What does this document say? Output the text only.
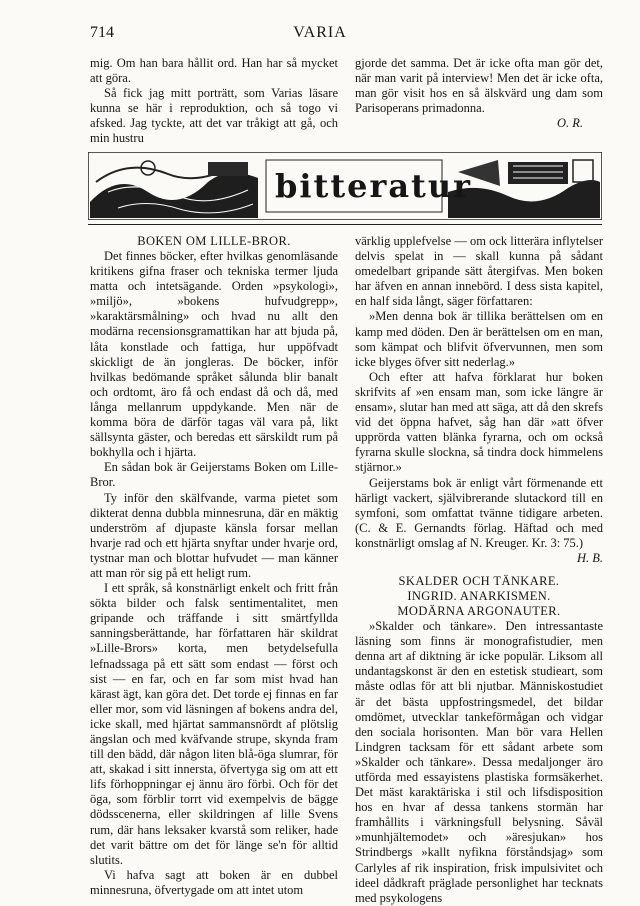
714	VARIA

mig. Om han bara hållit ord. Han har så mycket att göra.

Så fick jag mitt porträtt, som Varias läsare kunna se här i reproduktion, och så togo vi afsked. Jag tyckte, att det var tråkigt att gå, och min hustru

gjorde det samma. Det är icke ofta man gör det, när man varit på interview! Men det är icke ofta, man gör visit hos en så älskvärd ung dam som Parisoperans primadonna.

O. R.

bitteratur
BOKEN OM LILLE-BROR.

Det finnes böcker, efter hvilkas genomläsande kritikens gifna fraser och tekniska termer ljuda matta och intetsägande. Orden »psykologi», »miljö», »bokens hufvudgrepp», »karaktärsmålning» och hvad nu allt den modärna recensionsgramattikan har att bjuda på, låta konstlade och fattiga, hur uppöfvadt skickligt de än jongleras. De böcker, inför hvilkas bedömande språket sålunda blir banalt och ordtomt, äro få och endast då och då, med långa mellanrum uppdykande. Men när de komma böra de därför tagas väl vara på, likt sällsynta gäster, och beredas ett särskildt rum på bokhylla och i hjärta.

En sådan bok är Geijerstams Boken om Lille-Bror.

Ty inför den skälfvande, varma pietet som dikterat denna dubbla minnesruna, där en mäktig underström af djupaste känsla forsar mellan hvarje rad och ett hjärta snyftar under hvarje ord, tystnar man och blottar hufvudet — man känner att man rör sig på ett heligt rum.

I ett språk, så konstnärligt enkelt och fritt från sökta bilder och falsk sentimentalitet, men gripande och träffande i sitt smärtfyllda sanningsberättande, har författaren här skildrat »Lille-Brors» korta, men betydelsefulla lefnadssaga på ett sätt som endast — först och sist — en far, och en far som mist hvad han kärast ägt, kan göra det. Det torde ej finnas en far eller mor, som vid läsningen af bokens andra del, icke skall, med hjärtat sammansnördt af plötslig ängslan och med kväfvande strupe, skynda fram till den bädd, där någon liten blå-öga slumrar, för att, skakad i sitt innersta, öfvertyga sig om att ett lifs förhoppningar ej ännu äro förbi. Och för det öga, som förblir torrt vid exempelvis de bägge dödsscenerna, eller skildringen af lille Svens rum, där hans leksaker kvarstå som reliker, hade det varit bättre om det för länge se'n för alltid slutits.

Vi hafva sagt att boken är en dubbel minnesruna, öfvertygade om att intet utom

värklig upplefvelse — om ock litterära inflytelser delvis spelat in — skall kunna på sådant omedelbart gripande sätt återgifvas. Men boken har äfven en annan innebörd. I dess sista kapitel, en half sida långt, säger författaren:

»Men denna bok är tillika berättelsen om en kamp med döden. Den är berättelsen om en man, som kämpat och blifvit öfvervunnen, men som icke blyges öfver sitt nederlag.»

Och efter att hafva förklarat hur boken skrifvits af »en ensam man, som icke längre är ensam», slutar han med att säga, att då den skrefs vid det öppna hafvet, såg han där »att öfver upprörda vatten blänka fyrarna, och om också fyrarna skulle slockna, så tindra dock himmelens stjärnor.»

Geijerstams bok är enligt vårt förmenande ett härligt vackert, självibrerande slutackord till en symfoni, som omfattat tvänne tidigare arbeten. (C. & E. Gernandts förlag. Häftad och med konstnärligt omslag af N. Kreuger. Kr. 3: 75.)

H. B.

SKALDER OCH TÄNKARE.
INGRID. ANARKISMEN.
MODÄRNA ARGONAUTER.

»Skalder och tänkare». Den intressantaste läsning som finns är monografistudier, men denna art af diktning är icke populär. Liksom all undantagskonst är den en estetisk studieart, som måste odlas för att bli njutbar. Människostudiet är det bästa uppfostringsmedel, det bildar omdömet, utvecklar tankeförmågan och vidgar den sociala horisonten. Man bör vara Hellen Lindgren tacksam för ett sådant arbete som »Skalder och tänkare». Dessa medaljonger äro utförda med essayistens plastiska formsäkerhet. Det mäst karaktäriska i stil och lifsdisposition hos en hvar af dessa tankens stormän har framhållits i värkningsfull belysning. Såväl »munhjältemodet» och »äresjukan» hos Strindbergs »kallt nyfikna förståndsjag» som Carlyles af rik inspiration, frisk impulsivitet och ideel dådkraft präglade personlighet har tecknats med psykologens
